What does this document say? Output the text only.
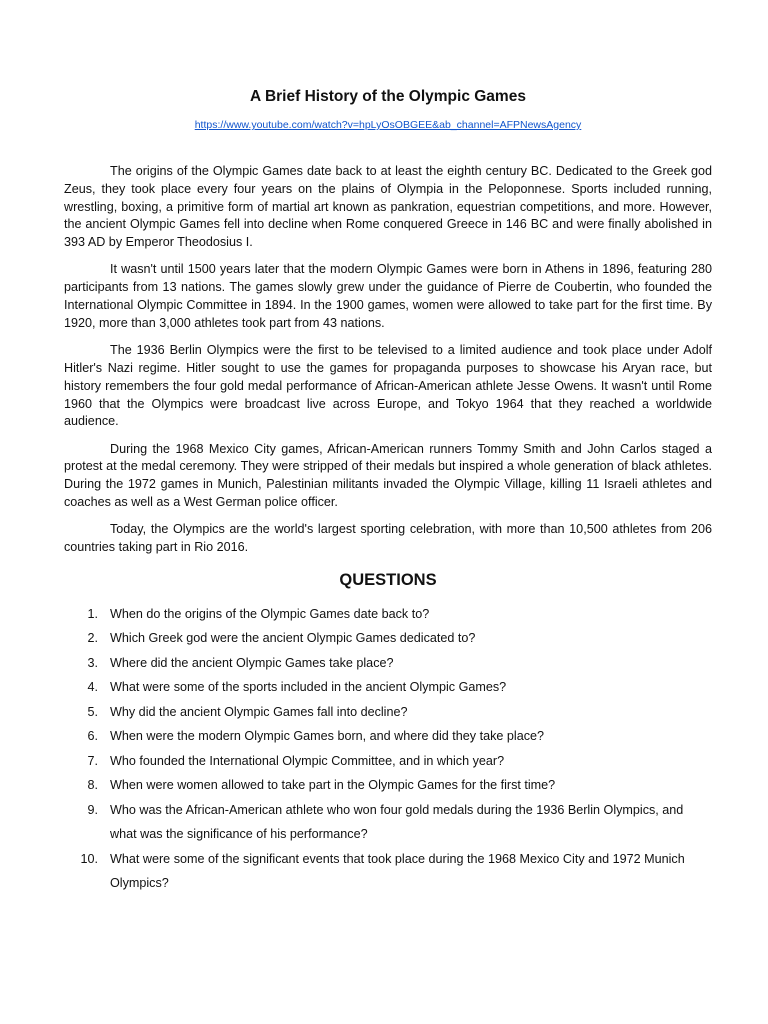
A Brief History of the Olympic Games
https://www.youtube.com/watch?v=hpLyOsOBGEE&ab_channel=AFPNewsAgency

The origins of the Olympic Games date back to at least the eighth century BC. Dedicated to the Greek god Zeus, they took place every four years on the plains of Olympia in the Peloponnese. Sports included running, wrestling, boxing, a primitive form of martial art known as pankration, equestrian competitions, and more. However, the ancient Olympic Games fell into decline when Rome conquered Greece in 146 BC and were finally abolished in 393 AD by Emperor Theodosius I.

It wasn't until 1500 years later that the modern Olympic Games were born in Athens in 1896, featuring 280 participants from 13 nations. The games slowly grew under the guidance of Pierre de Coubertin, who founded the International Olympic Committee in 1894. In the 1900 games, women were allowed to take part for the first time. By 1920, more than 3,000 athletes took part from 43 nations.

The 1936 Berlin Olympics were the first to be televised to a limited audience and took place under Adolf Hitler's Nazi regime. Hitler sought to use the games for propaganda purposes to showcase his Aryan race, but history remembers the four gold medal performance of African-American athlete Jesse Owens. It wasn't until Rome 1960 that the Olympics were broadcast live across Europe, and Tokyo 1964 that they reached a worldwide audience.

During the 1968 Mexico City games, African-American runners Tommy Smith and John Carlos staged a protest at the medal ceremony. They were stripped of their medals but inspired a whole generation of black athletes. During the 1972 games in Munich, Palestinian militants invaded the Olympic Village, killing 11 Israeli athletes and coaches as well as a West German police officer.

Today, the Olympics are the world's largest sporting celebration, with more than 10,500 athletes from 206 countries taking part in Rio 2016.

QUESTIONS
1. When do the origins of the Olympic Games date back to?
2. Which Greek god were the ancient Olympic Games dedicated to?
3. Where did the ancient Olympic Games take place?
4. What were some of the sports included in the ancient Olympic Games?
5. Why did the ancient Olympic Games fall into decline?
6. When were the modern Olympic Games born, and where did they take place?
7. Who founded the International Olympic Committee, and in which year?
8. When were women allowed to take part in the Olympic Games for the first time?
9. Who was the African-American athlete who won four gold medals during the 1936 Berlin Olympics, and what was the significance of his performance?
10. What were some of the significant events that took place during the 1968 Mexico City and 1972 Munich Olympics?
